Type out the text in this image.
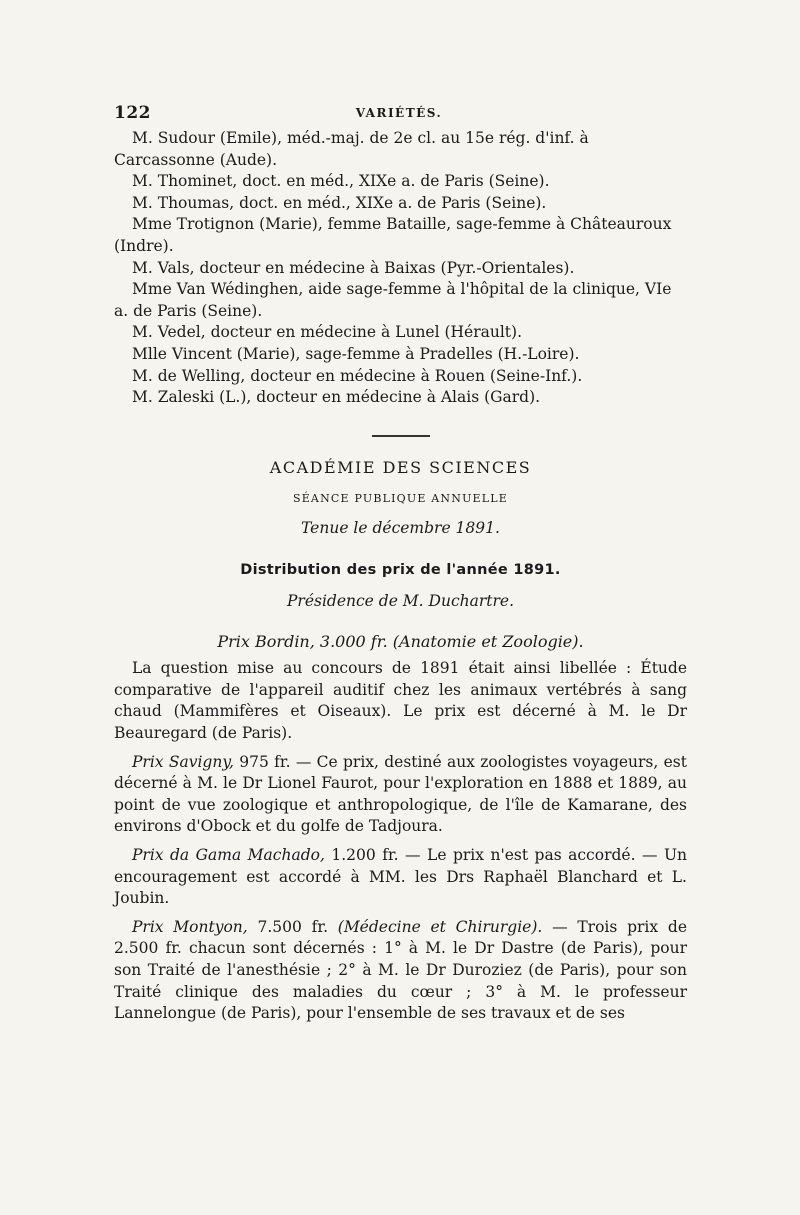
122	VARIÉTÉS.

M. Sudour (Emile), méd.-maj. de 2e cl. au 15e rég. d'inf. à Carcassonne (Aude).

M. Thominet, doct. en méd., XIXe a. de Paris (Seine).

M. Thoumas, doct. en méd., XIXe a. de Paris (Seine).

Mme Trotignon (Marie), femme Bataille, sage-femme à Châteauroux (Indre).

M. Vals, docteur en médecine à Baixas (Pyr.-Orientales).

Mme Van Wédinghen, aide sage-femme à l'hôpital de la clinique, VIe a. de Paris (Seine).

M. Vedel, docteur en médecine à Lunel (Hérault).

Mlle Vincent (Marie), sage-femme à Pradelles (H.-Loire).

M. de Welling, docteur en médecine à Rouen (Seine-Inf.).

M. Zaleski (L.), docteur en médecine à Alais (Gard).

ACADÉMIE DES SCIENCES

SÉANCE PUBLIQUE ANNUELLE

Tenue le décembre 1891.

Distribution des prix de l'année 1891.

Présidence de M. Duchartre.

Prix Bordin, 3.000 fr. (Anatomie et Zoologie).

La question mise au concours de 1891 était ainsi libellée : Étude comparative de l'appareil auditif chez les animaux vertébrés à sang chaud (Mammifères et Oiseaux). Le prix est décerné à M. le Dr Beauregard (de Paris).

Prix Savigny, 975 fr. — Ce prix, destiné aux zoologistes voyageurs, est décerné à M. le Dr Lionel Faurot, pour l'exploration en 1888 et 1889, au point de vue zoologique et anthropologique, de l'île de Kamarane, des environs d'Obock et du golfe de Tadjoura.

Prix da Gama Machado, 1.200 fr. — Le prix n'est pas accordé. — Un encouragement est accordé à MM. les Drs Raphaël Blanchard et L. Joubin.

Prix Montyon, 7.500 fr. (Médecine et Chirurgie). — Trois prix de 2.500 fr. chacun sont décernés : 1° à M. le Dr Dastre (de Paris), pour son Traité de l'anesthésie ; 2° à M. le Dr Duroziez (de Paris), pour son Traité clinique des maladies du cœur ; 3° à M. le professeur Lannelongue (de Paris), pour l'ensemble de ses travaux et de ses
